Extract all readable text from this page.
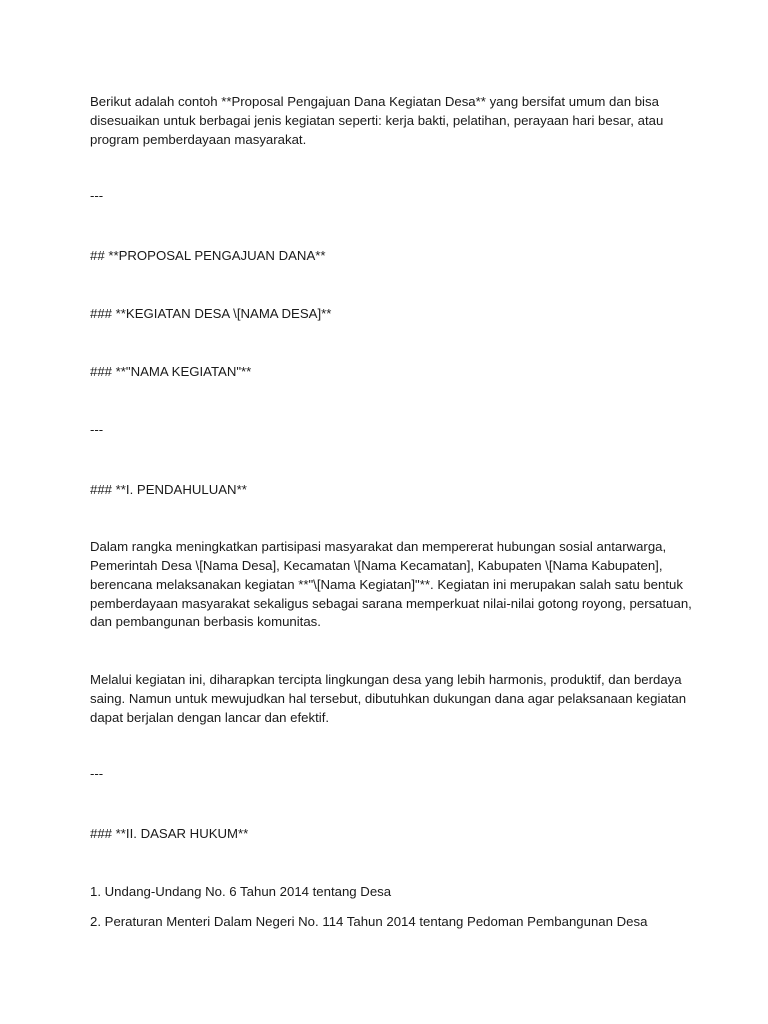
Berikut adalah contoh **Proposal Pengajuan Dana Kegiatan Desa** yang bersifat umum dan bisa
disesuaikan untuk berbagai jenis kegiatan seperti: kerja bakti, pelatihan, perayaan hari besar, atau
program pemberdayaan masyarakat.
---
## **PROPOSAL PENGAJUAN DANA**
### **KEGIATAN DESA \[NAMA DESA]**
### **"NAMA KEGIATAN"**
---
### **I. PENDAHULUAN**
Dalam rangka meningkatkan partisipasi masyarakat dan mempererat hubungan sosial antarwarga,
Pemerintah Desa \[Nama Desa], Kecamatan \[Nama Kecamatan], Kabupaten \[Nama Kabupaten],
berencana melaksanakan kegiatan **"\[Nama Kegiatan]"**. Kegiatan ini merupakan salah satu bentuk
pemberdayaan masyarakat sekaligus sebagai sarana memperkuat nilai-nilai gotong royong, persatuan,
dan pembangunan berbasis komunitas.
Melalui kegiatan ini, diharapkan tercipta lingkungan desa yang lebih harmonis, produktif, dan berdaya
saing. Namun untuk mewujudkan hal tersebut, dibutuhkan dukungan dana agar pelaksanaan kegiatan
dapat berjalan dengan lancar dan efektif.
---
### **II. DASAR HUKUM**
1. Undang-Undang No. 6 Tahun 2014 tentang Desa
2. Peraturan Menteri Dalam Negeri No. 114 Tahun 2014 tentang Pedoman Pembangunan Desa
